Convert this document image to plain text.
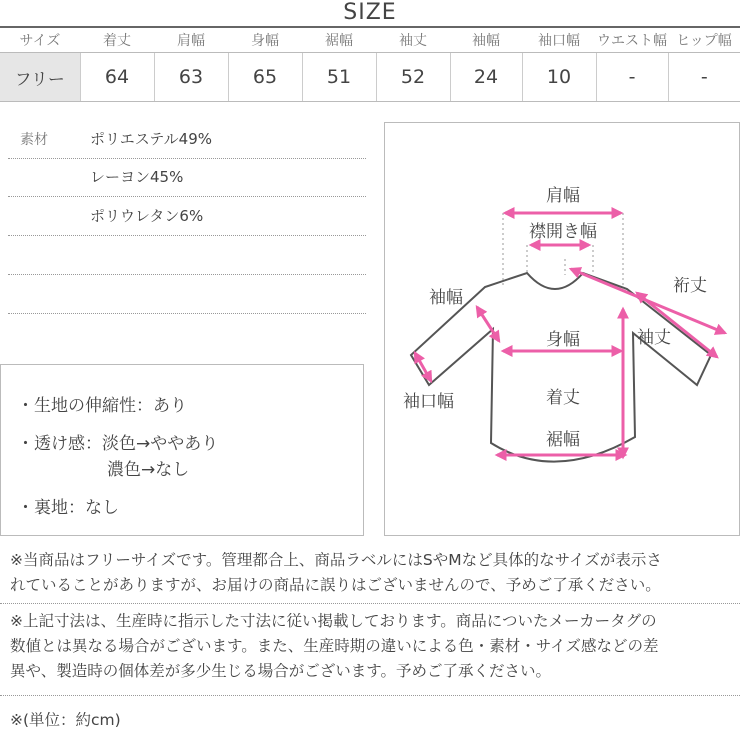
SIZE
サイズ	着丈	肩幅	身幅	裾幅	袖丈	袖幅	袖口幅	ウエスト幅	ヒップ幅
フリー	64	63	65	51	52	24	10	-	-
素材	ポリエステル49%
レーヨン45%
ポリウレタン6%
・生地の伸縮性：あり
・透け感：淡色→ややあり
濃色→なし
・裏地：なし
肩幅
襟開き幅
裄丈
袖幅
袖丈
身幅
袖口幅	着丈
裾幅
※当商品はフリーサイズです。管理都合上、商品ラベルにはSやMなど具体的なサイズが表示さ
れていることがありますが、お届けの商品に誤りはございませんので、予めご了承ください。
※上記寸法は、生産時に指示した寸法に従い掲載しております。商品についたメーカータグの
数値とは異なる場合がございます。また、生産時期の違いによる色・素材・サイズ感などの差
異や、製造時の個体差が多少生じる場合がございます。予めご了承ください。
※(単位：約cm)
